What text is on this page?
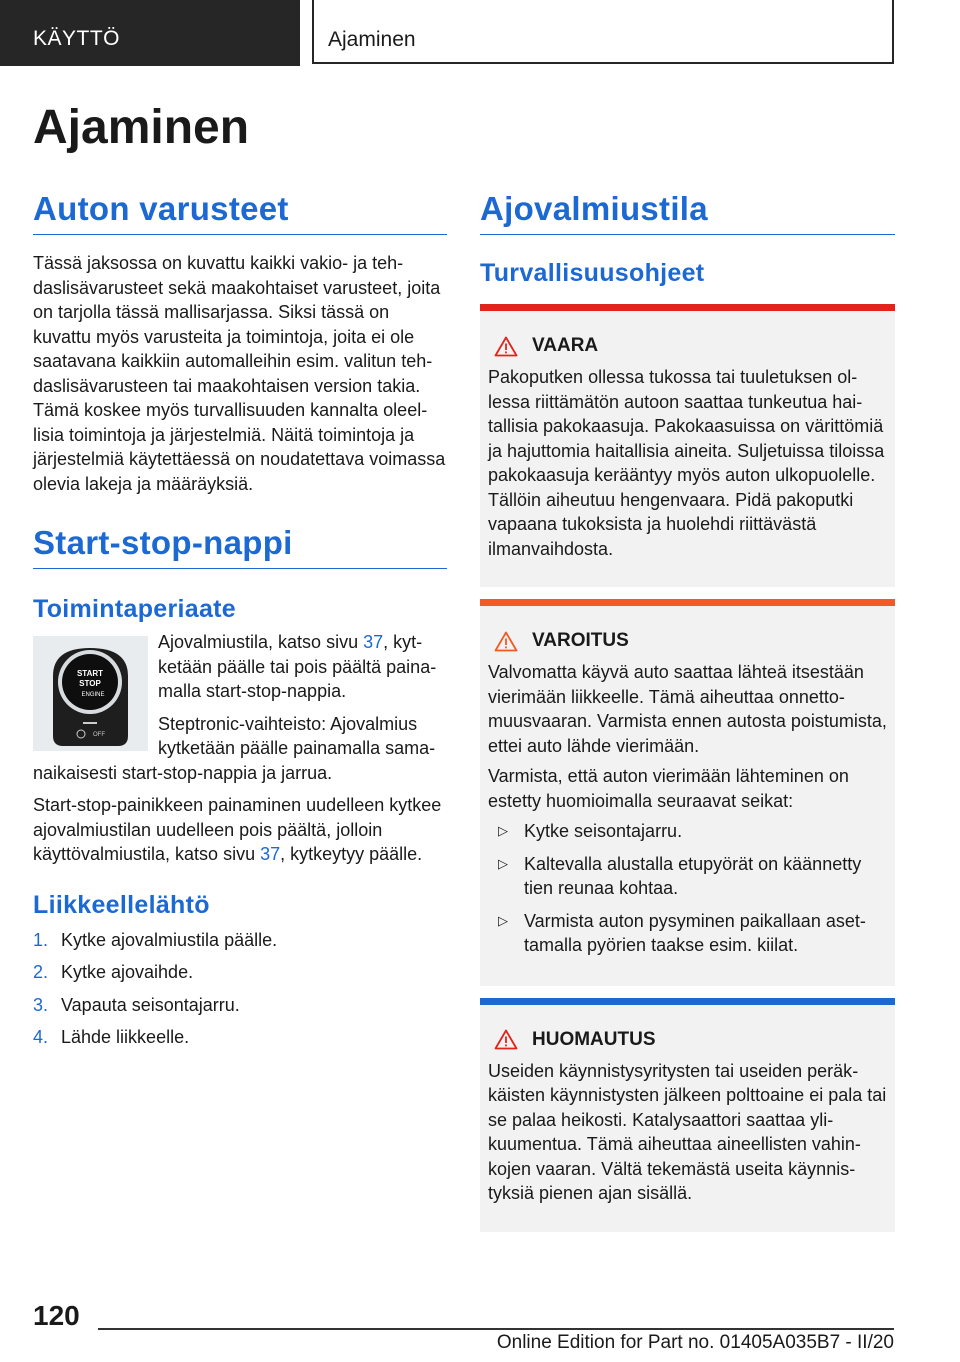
KÄYTTÖ	Ajaminen
Ajaminen
Auton varusteet

Tässä jaksossa on kuvattu kaikki vakio- ja tehdaslisävarusteet sekä maakohtaiset varusteet, joita on tarjolla tässä mallisarjassa. Siksi tässä on kuvattu myös varusteita ja toimintoja, joita ei ole saatavana kaikkiin automalleihin esim. valitun tehdaslisävarusteen tai maakohtaisen version takia. Tämä koskee myös turvallisuuden kannalta oleellisia toimintoja ja järjestelmiä. Näitä toimintoja ja järjestelmiä käytettäessä on noudatettava voimassa olevia lakeja ja määräyksiä.

Start-stop-nappi
Toimintaperiaate
START
STOP
ENGINE
OFF

Ajovalmiustila, katso sivu 37, kytketään päälle tai pois päältä painamalla start-stop-nappia.

Steptronic-vaihteisto: Ajovalmius kytketään päälle painamalla samanaikaisesti start-stop-nappia ja jarrua.

Start-stop-painikkeen painaminen uudelleen kytkee ajovalmiustilan uudelleen pois päältä, jolloin käyttövalmiustila, katso sivu 37, kytkeytyy päälle.

Liikkeellelähtö
1. Kytke ajovalmiustila päälle.
2. Kytke ajovaihde.
3. Vapauta seisontajarru.
4. Lähde liikkeelle.
Ajovalmiustila
Turvallisuusohjeet
VAARA

Pakoputken ollessa tukossa tai tuuletuksen ollessa riittämätön autoon saattaa tunkeutua haitallisia pakokaasuja. Pakokaasuissa on värittömiä ja hajuttomia haitallisia aineita. Suljetuissa tiloissa pakokaasuja kerääntyy myös auton ulkopuolelle. Tällöin aiheutuu hengenvaara. Pidä pakoputki vapaana tukoksista ja huolehdi riittävästä ilmanvaihdosta.

VAROITUS

Valvomatta käyvä auto saattaa lähteä itsestään vierimään liikkeelle. Tämä aiheuttaa onnettomuusvaaran. Varmista ennen autosta poistumista, ettei auto lähde vierimään.

Varmista, että auton vierimään lähteminen on estetty huomioimalla seuraavat seikat:

▷ Kytke seisontajarru.
▷ Kaltevalla alustalla etupyörät on käännetty tien reunaa kohtaa.
▷ Varmista auton pysyminen paikallaan asettamalla pyörien taakse esim. kiilat.
HUOMAUTUS

Useiden käynnistysyritysten tai useiden peräkkäisten käynnistysten jälkeen polttoaine ei pala tai se palaa heikosti. Katalysaattori saattaa ylikuumentua. Tämä aiheuttaa aineellisten vahinkojen vaaran. Vältä tekemästä useita käynnistyksiä pienen ajan sisällä.

120
Online Edition for Part no. 01405A035B7 - II/20
